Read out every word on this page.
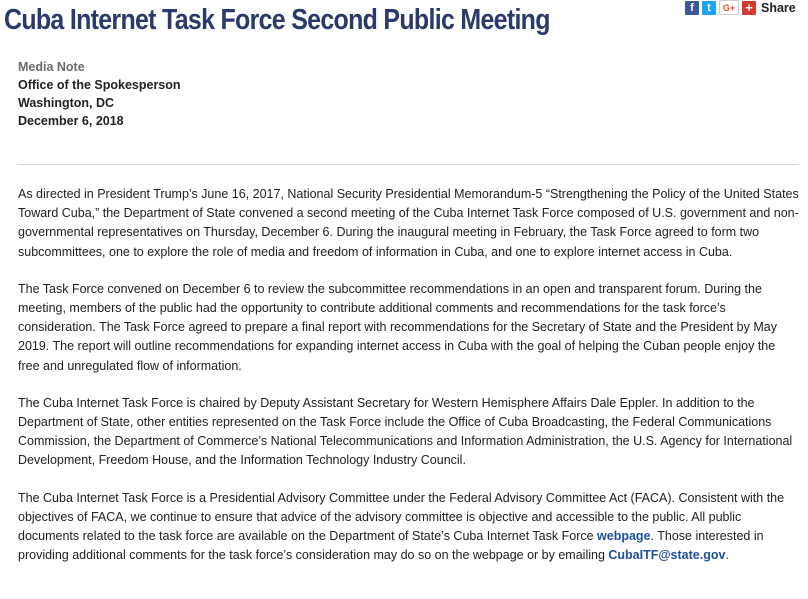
Cuba Internet Task Force Second Public Meeting	f	t	G+ + Share
Media Note
Office of the Spokesperson
Washington, DC
December 6, 2018

As directed in President Trump’s June 16, 2017, National Security Presidential Memorandum-5 “Strengthening the Policy of the United States Toward Cuba,” the Department of State convened a second meeting of the Cuba Internet Task Force composed of U.S. government and non-governmental representatives on Thursday, December 6. During the inaugural meeting in February, the Task Force agreed to form two subcommittees, one to explore the role of media and freedom of information in Cuba, and one to explore internet access in Cuba.

The Task Force convened on December 6 to review the subcommittee recommendations in an open and transparent forum. During the meeting, members of the public had the opportunity to contribute additional comments and recommendations for the task force’s consideration. The Task Force agreed to prepare a final report with recommendations for the Secretary of State and the President by May 2019. The report will outline recommendations for expanding internet access in Cuba with the goal of helping the Cuban people enjoy the free and unregulated flow of information.

The Cuba Internet Task Force is chaired by Deputy Assistant Secretary for Western Hemisphere Affairs Dale Eppler. In addition to the Department of State, other entities represented on the Task Force include the Office of Cuba Broadcasting, the Federal Communications Commission, the Department of Commerce’s National Telecommunications and Information Administration, the U.S. Agency for International Development, Freedom House, and the Information Technology Industry Council.

The Cuba Internet Task Force is a Presidential Advisory Committee under the Federal Advisory Committee Act (FACA). Consistent with the objectives of FACA, we continue to ensure that advice of the advisory committee is objective and accessible to the public. All public documents related to the task force are available on the Department of State’s Cuba Internet Task Force webpage. Those interested in providing additional comments for the task force’s consideration may do so on the webpage or by emailing CubaITF@state.gov.
